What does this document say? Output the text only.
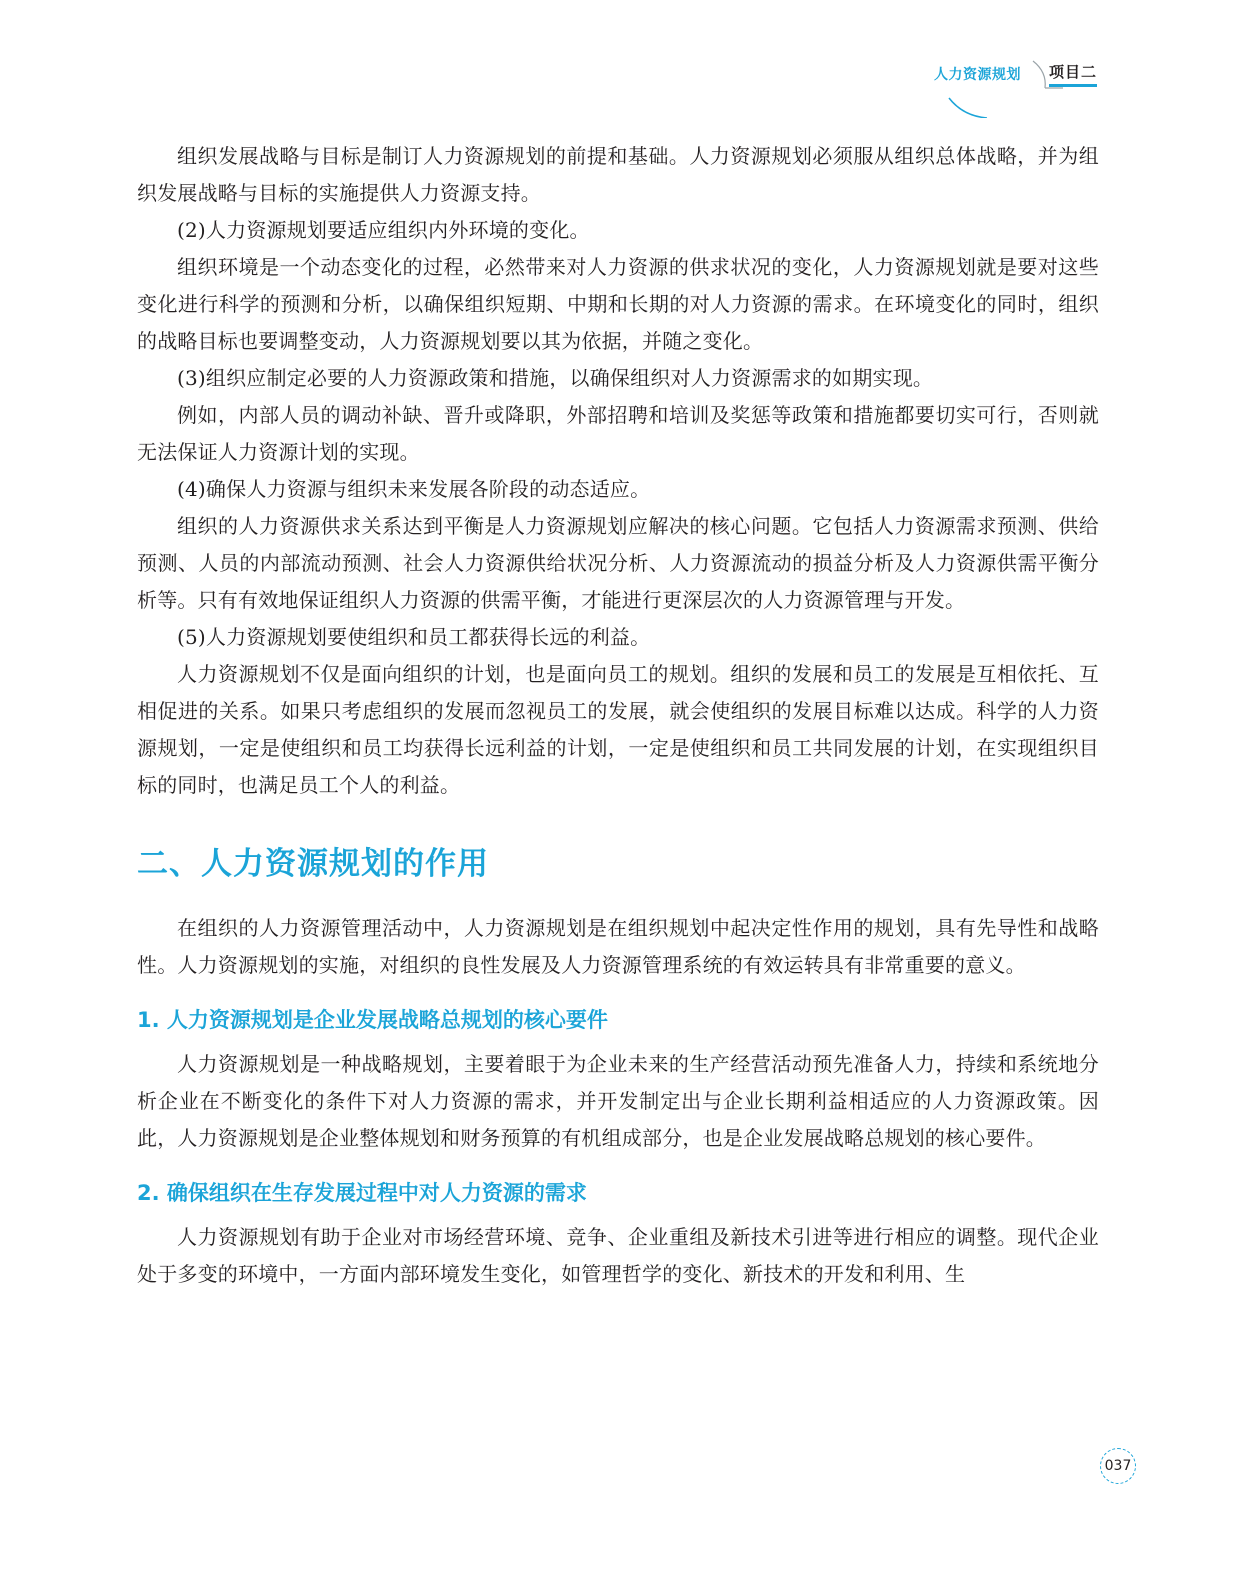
人力资源规划 项目二

组织发展战略与目标是制订人力资源规划的前提和基础。人力资源规划必须服从组织总体战略，并为组织发展战略与目标的实施提供人力资源支持。

(2)人力资源规划要适应组织内外环境的变化。

组织环境是一个动态变化的过程，必然带来对人力资源的供求状况的变化，人力资源规划就是要对这些变化进行科学的预测和分析，以确保组织短期、中期和长期的对人力资源的需求。在环境变化的同时，组织的战略目标也要调整变动，人力资源规划要以其为依据，并随之变化。

(3)组织应制定必要的人力资源政策和措施，以确保组织对人力资源需求的如期实现。

例如，内部人员的调动补缺、晋升或降职，外部招聘和培训及奖惩等政策和措施都要切实可行，否则就无法保证人力资源计划的实现。

(4)确保人力资源与组织未来发展各阶段的动态适应。

组织的人力资源供求关系达到平衡是人力资源规划应解决的核心问题。它包括人力资源需求预测、供给预测、人员的内部流动预测、社会人力资源供给状况分析、人力资源流动的损益分析及人力资源供需平衡分析等。只有有效地保证组织人力资源的供需平衡，才能进行更深层次的人力资源管理与开发。

(5)人力资源规划要使组织和员工都获得长远的利益。

人力资源规划不仅是面向组织的计划，也是面向员工的规划。组织的发展和员工的发展是互相依托、互相促进的关系。如果只考虑组织的发展而忽视员工的发展，就会使组织的发展目标难以达成。科学的人力资源规划，一定是使组织和员工均获得长远利益的计划，一定是使组织和员工共同发展的计划，在实现组织目标的同时，也满足员工个人的利益。

二、人力资源规划的作用

在组织的人力资源管理活动中，人力资源规划是在组织规划中起决定性作用的规划，具有先导性和战略性。人力资源规划的实施，对组织的良性发展及人力资源管理系统的有效运转具有非常重要的意义。

1. 人力资源规划是企业发展战略总规划的核心要件

人力资源规划是一种战略规划，主要着眼于为企业未来的生产经营活动预先准备人力，持续和系统地分析企业在不断变化的条件下对人力资源的需求，并开发制定出与企业长期利益相适应的人力资源政策。因此，人力资源规划是企业整体规划和财务预算的有机组成部分，也是企业发展战略总规划的核心要件。

2. 确保组织在生存发展过程中对人力资源的需求

人力资源规划有助于企业对市场经营环境、竞争、企业重组及新技术引进等进行相应的调整。现代企业处于多变的环境中，一方面内部环境发生变化，如管理哲学的变化、新技术的开发和利用、生

037
